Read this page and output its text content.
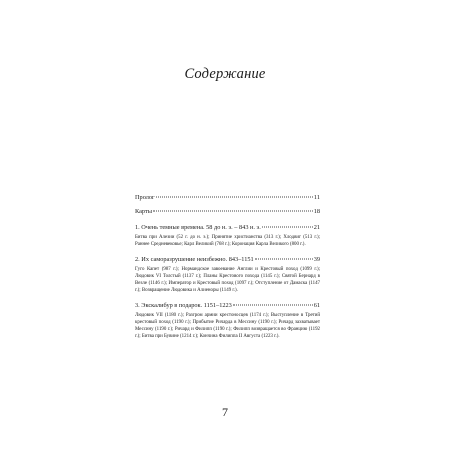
Содержание
Пролог	11
Карты	18
1. Очень темные времена. 58 до н. э. – 843 н. э.	21
Битва при Алезии (52 г. до н. э.); Принятие христианства (313 г.); Хлодвиг (513 г.); Раннее Средневековье; Карл Великий (768 г.); Коронация Карла Великого (800 г.).
2. Их саморазрушение неизбежно. 843–1151	39
Гуго Капет (987 г.); Нормандское завоевание Англии и Крестовый поход (1099 г.); Людовик VI Толстый (1137 г.); Планы Крестового похода (1145 г.); Святой Бернард в Везле (1146 г.); Император и Крестовый поход (1097 г.); Отступление от Дамаска (1147 г.); Возвращение Людовика и Алиеноры (1149 г.).
3. Экскалибур в подарок. 1151–1223	61
Людовик VII (1180 г.); Разгром армии крестоносцев (1174 г.); Выступление в Третий крестовый поход (1190 г.); Прибытие Ричарда в Мессину (1190 г.); Ричард захватывает Мессину (1190 г.); Ричард и Филипп (1190 г.); Филипп возвращается во Францию (1192 г.); Битва при Бувине (1214 г.); Кончина Филиппа II Августа (1223 г.).
7
